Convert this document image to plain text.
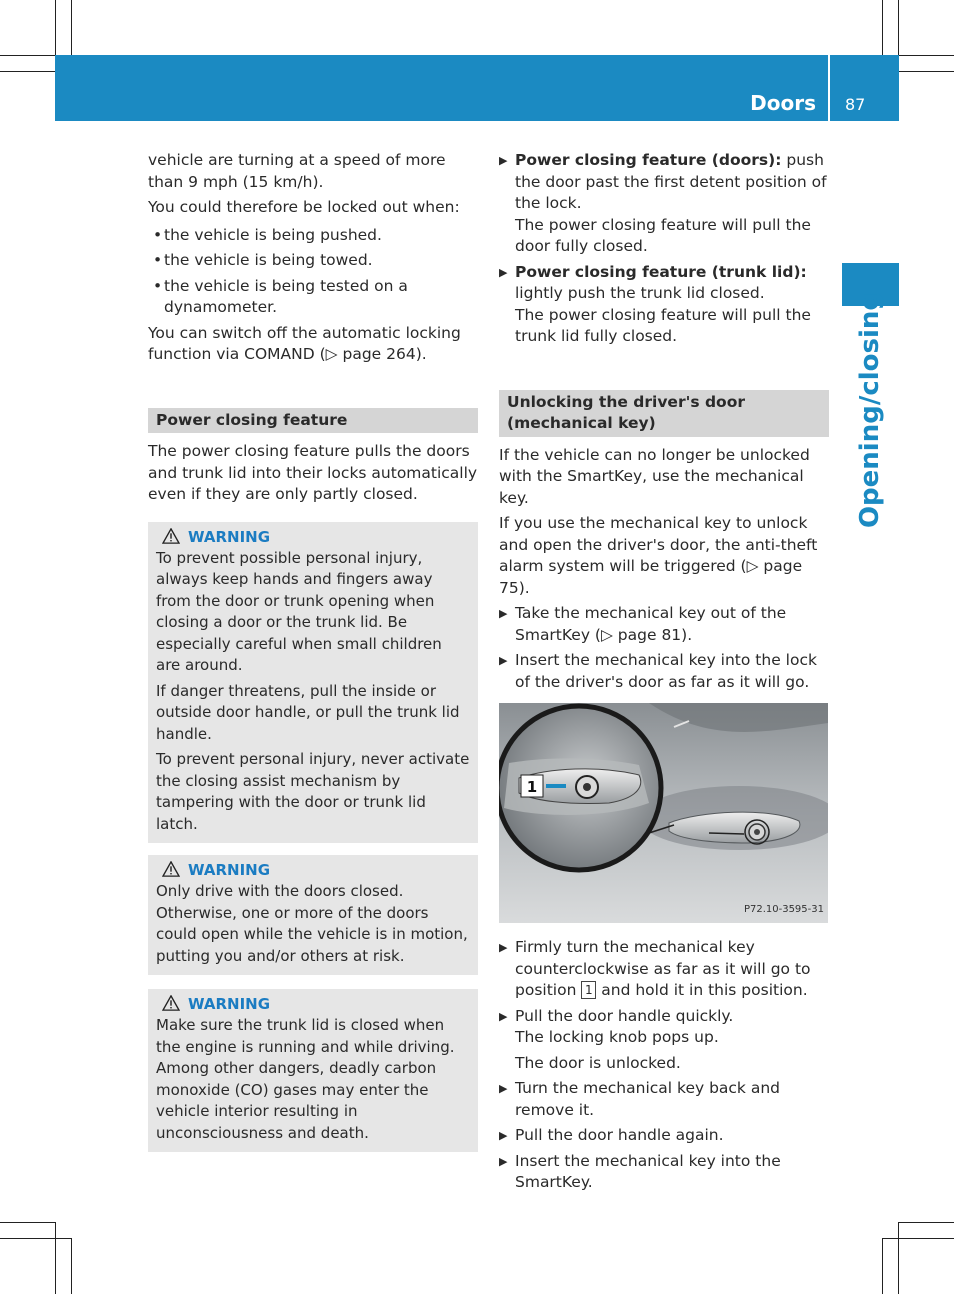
Doors 87
Opening/closing

vehicle are turning at a speed of more than 9 mph (15 km/h).

You could therefore be locked out when:

• the vehicle is being pushed.
• the vehicle is being towed.
• the vehicle is being tested on a dynamometer.

You can switch off the automatic locking function via COMAND (▷ page 264).

Power closing feature

The power closing feature pulls the doors and trunk lid into their locks automatically even if they are only partly closed.

WARNING

To prevent possible personal injury, always keep hands and fingers away from the door or trunk opening when closing a door or the trunk lid. Be especially careful when small children are around.

If danger threatens, pull the inside or outside door handle, or pull the trunk lid handle.

To prevent personal injury, never activate the closing assist mechanism by tampering with the door or trunk lid latch.

WARNING

Only drive with the doors closed. Otherwise, one or more of the doors could open while the vehicle is in motion, putting you and/or others at risk.

WARNING

Make sure the trunk lid is closed when the engine is running and while driving. Among other dangers, deadly carbon monoxide (CO) gases may enter the vehicle interior resulting in unconsciousness and death.

▶ Power closing feature (doors): push the door past the first detent position of the lock.
The power closing feature will pull the door fully closed.
▶ Power closing feature (trunk lid): lightly push the trunk lid closed.
The power closing feature will pull the trunk lid fully closed.
Unlocking the driver's door (mechanical key)

If the vehicle can no longer be unlocked with the SmartKey, use the mechanical key.

If you use the mechanical key to unlock and open the driver's door, the anti-theft alarm system will be triggered (▷ page 75).

▶ Take the mechanical key out of the SmartKey (▷ page 81).
▶ Insert the mechanical key into the lock of the driver's door as far as it will go.
1
P72.10-3595-31
▶ Firmly turn the mechanical key counterclockwise as far as it will go to position 1 and hold it in this position.
▶ Pull the door handle quickly.
The locking knob pops up.
The door is unlocked.
▶ Turn the mechanical key back and remove it.
▶ Pull the door handle again.
▶ Insert the mechanical key into the SmartKey.
